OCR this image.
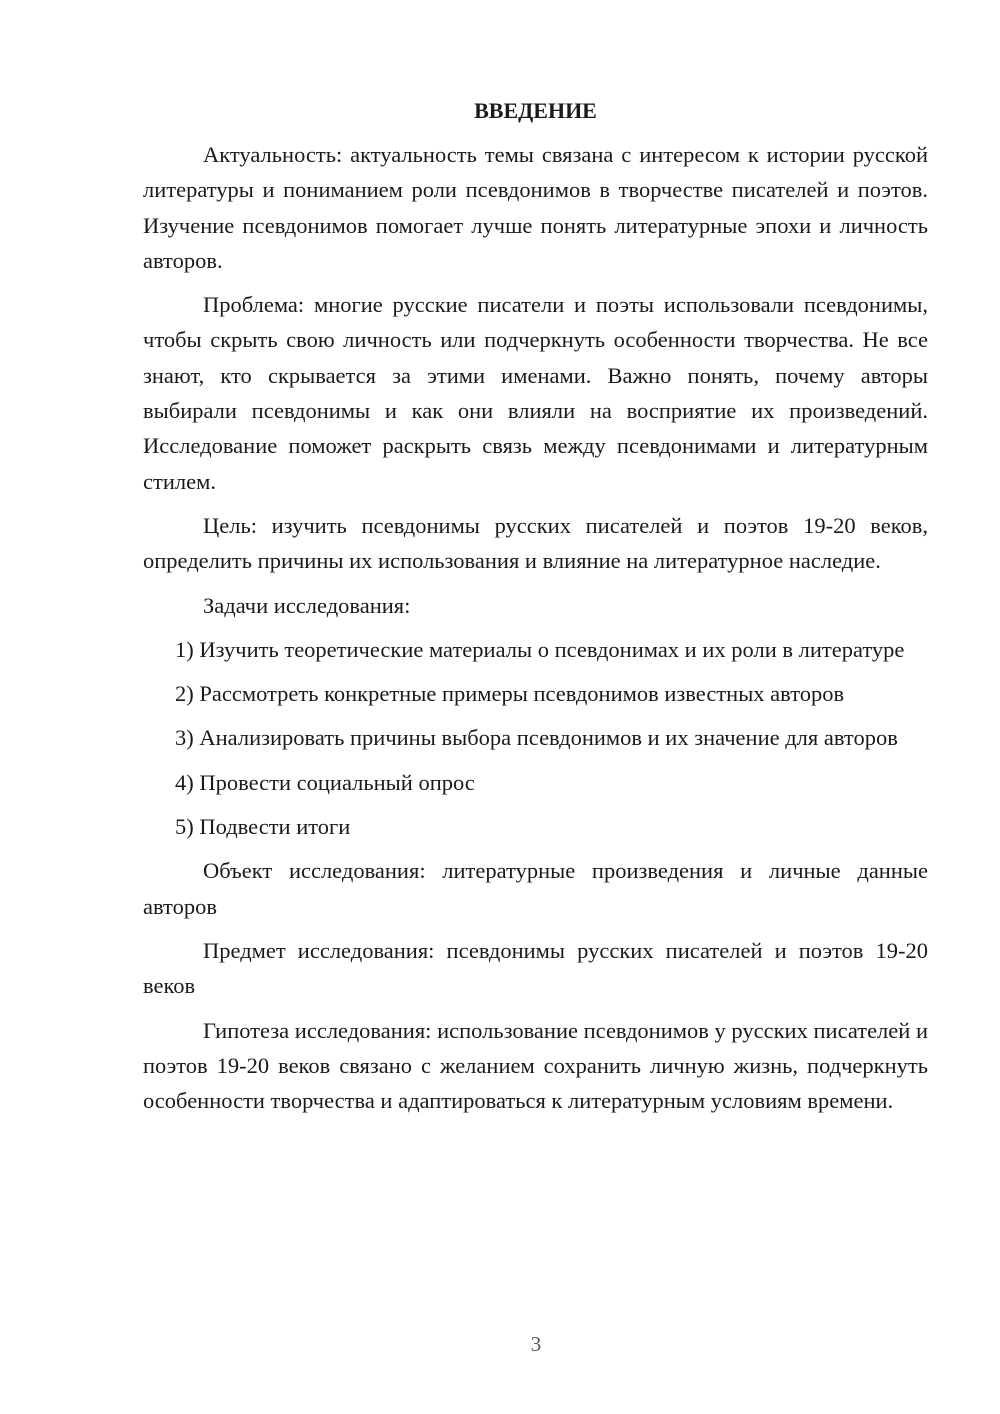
ВВЕДЕНИЕ

Актуальность: актуальность темы связана с интересом к истории русской литературы и пониманием роли псевдонимов в творчестве писателей и поэтов. Изучение псевдонимов помогает лучше понять литературные эпохи и личность авторов.

Проблема: многие русские писатели и поэты использовали псевдонимы, чтобы скрыть свою личность или подчеркнуть особенности творчества. Не все знают, кто скрывается за этими именами. Важно понять, почему авторы выбирали псевдонимы и как они влияли на восприятие их произведений. Исследование поможет раскрыть связь между псевдонимами и литературным стилем.

Цель: изучить псевдонимы русских писателей и поэтов 19-20 веков, определить причины их использования и влияние на литературное наследие.

Задачи исследования:

1) Изучить теоретические материалы о псевдонимах и их роли в литературе

2) Рассмотреть конкретные примеры псевдонимов известных авторов

3) Анализировать причины выбора псевдонимов и их значение для авторов

4) Провести социальный опрос

5) Подвести итоги

Объект исследования: литературные произведения и личные данные авторов

Предмет исследования: псевдонимы русских писателей и поэтов 19-20 веков

Гипотеза исследования: использование псевдонимов у русских писателей и поэтов 19-20 веков связано с желанием сохранить личную жизнь, подчеркнуть особенности творчества и адаптироваться к литературным условиям времени.

3
